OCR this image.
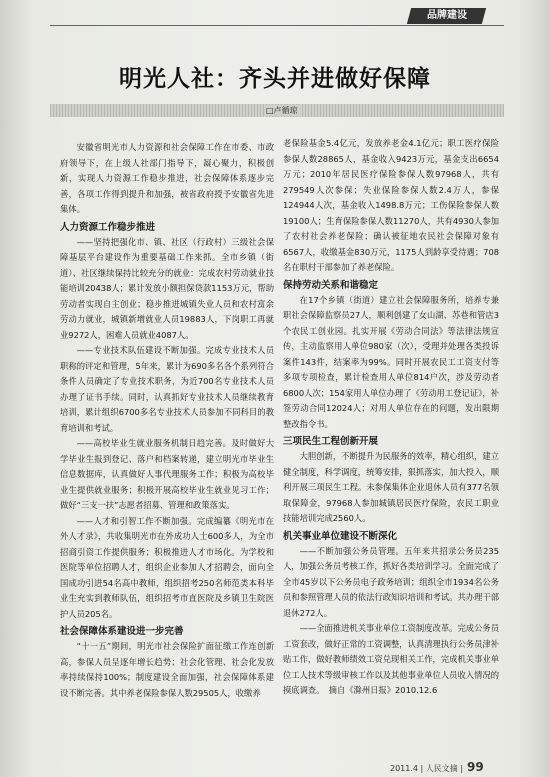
品牌建设
明光人社：齐头并进做好保障
□卢循琼

安徽省明光市人力资源和社会保障工作在市委、市政府领导下，在上级人社部门指导下，凝心聚力，积极创新，实现人力资源工作稳步推进，社会保障体系逐步完善，各项工作得到提升和加强，被省政府授予安徽省先进集体。

人力资源工作稳步推进

——坚持把强化市、镇、社区（行政村）三级社会保障基层平台建设作为重要基础工作来抓。全市乡镇（街道）、社区继续保持比较充分的就业：完成农村劳动就业技能培训20438人；累计发放小额担保贷款1153万元，帮助劳动者实现自主创业；稳步推进城镇失业人员和农村富余劳动力就业，城镇新增就业人员19883人，下岗职工再就业9272人，困难人员就业4087人。

——专业技术队伍建设不断加强。完成专业技术人员职称的评定和管理，5年来，累计为690多名各个系列符合条件人员确定了专业技术职务，为近700名专业技术人员办理了证书手续。同时，认真抓好专业技术人员继续教育培训，累计组织6700多名专业技术人员参加不同科目的教育培训和考试。

——高校毕业生就业服务机制日趋完善。及时做好大学毕业生报到登记、落户和档案转递，建立明光市毕业生信息数据库，认真做好人事代理服务工作；积极为高校毕业生提供就业服务；积极开展高校毕业生就业见习工作；做好“三支一扶”志愿者招募、管理和政策落实。

——人才和引智工作不断加强。完成编纂《明光市在外人才录》，共收集明光市在外成功人士600多人，为全市招商引资工作提供服务；积极推进人才市场化。为学校和医院等单位招聘人才，组织企业参加人才招聘会，面向全国成功引进54名高中教师，组织招考250名师范类本科毕业生充实到教师队伍，组织招考市直医院及乡镇卫生院医护人员205名。

社会保障体系建设进一步完善

“十一五”期间，明光市社会保险扩面征缴工作连创新高，参保人员呈逐年增长趋势；社会化管理、社会化发放率持续保持100%；制度建设全面加强，社会保障体系建设不断完善。其中养老保险参保人数29505人，收缴养

老保险基金5.4亿元，发放养老金4.1亿元；职工医疗保险参保人数28865人，基金收入9423万元，基金支出6654万元；2010年居民医疗保险参保人数97968人，共有279549人次参保；失业保险参保人数2.4万人，参保124944人次，基金收入1498.8万元；工伤保险参保人数19100人；生育保险参保人数11270人，共有4930人参加了农村社会养老保险；确认被征地农民社会保障对象有6567人，收缴基金830万元，1175人到龄享受待遇；708名在职村干部参加了养老保险。

保持劳动关系和谐稳定

在17个乡镇（街道）建立社会保障服务所，培养专兼职社会保障监察员27人，顺利创建了女山湖、苏巷和管店3个农民工创业园。扎实开展《劳动合同法》等法律法规宣传，主动监察用人单位980家（次），受理并处理各类投诉案件143件，结案率为99%。同时开展农民工工资支付等多项专项检查，累计检查用人单位814户次，涉及劳动者6800人次；154家用人单位办理了《劳动用工登记证》，补签劳动合同12024人；对用人单位存在的问题，发出限期整改指令书。

三项民生工程创新开展

大胆创新，不断提升为民服务的效率，精心组织，建立健全制度，科学调度，统筹安排，狠抓落实，加大投入，顺利开展三项民生工程。未参保集体企业退休人员有377名领取保障金，97968人参加城镇居民医疗保险，农民工职业技能培训完成2560人。

机关事业单位建设不断深化

——不断加强公务员管理。五年来共招录公务员235人，加强公务员考核工作，抓好各类培训学习。全面完成了全市45岁以下公务员电子政务培训；组织全市1934名公务员和参照管理人员的依法行政知识培训和考试。共办理干部退休272人。

——全面推进机关事业单位工资制度改革。完成公务员工资套改，做好正常的工资调整，认真清理执行公务员津补贴工作，做好教师绩效工资兑现相关工作，完成机关事业单位工人技术等级审核工作以及其他事业单位人员收入情况的摸底调查。　摘自《滁州日报》2010.12.6

2011.4 | 人民文摘 | 99
